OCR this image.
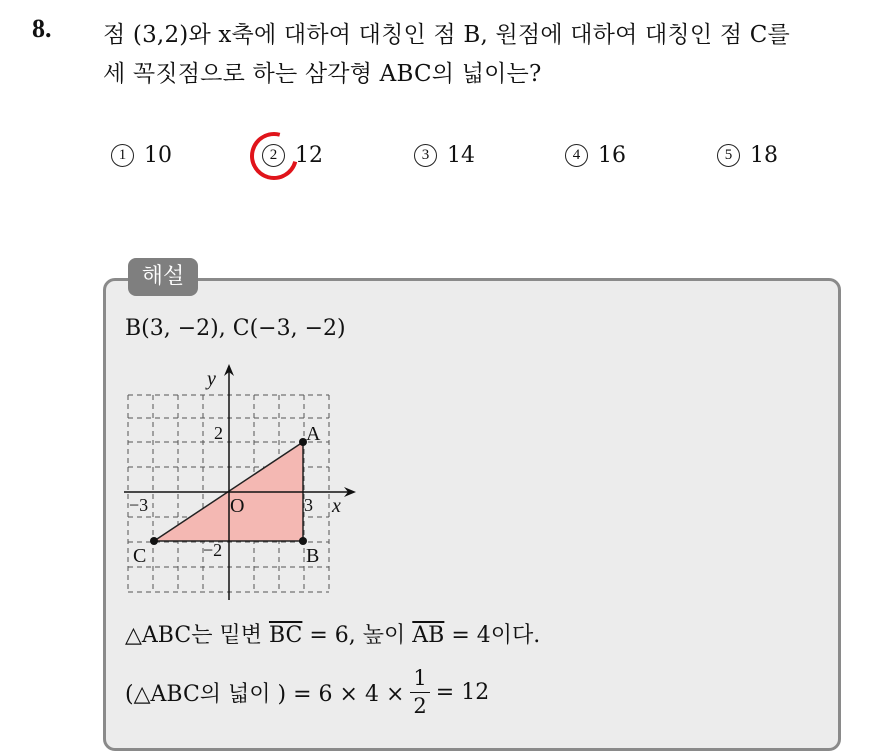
8. 점 (3,2)와 x축에 대하여 대칭인 점 B, 원점에 대하여 대칭인 점 C를
세 꼭짓점으로 하는 삼각형 ABC의 넓이는?
1 10	2 12	3 14	4 16	5 18
해설
B(3, −2), C(−3, −2)
y
x
O
A
B
C
2
−2
−3	3
△ABC는 밑변 $\overline{BC} = 6$, 높이 $\overline{AB} = 4$이다.
(△ABC의 넓이 ) = $6 \times 4 \times \frac{1}{2} = 12$
